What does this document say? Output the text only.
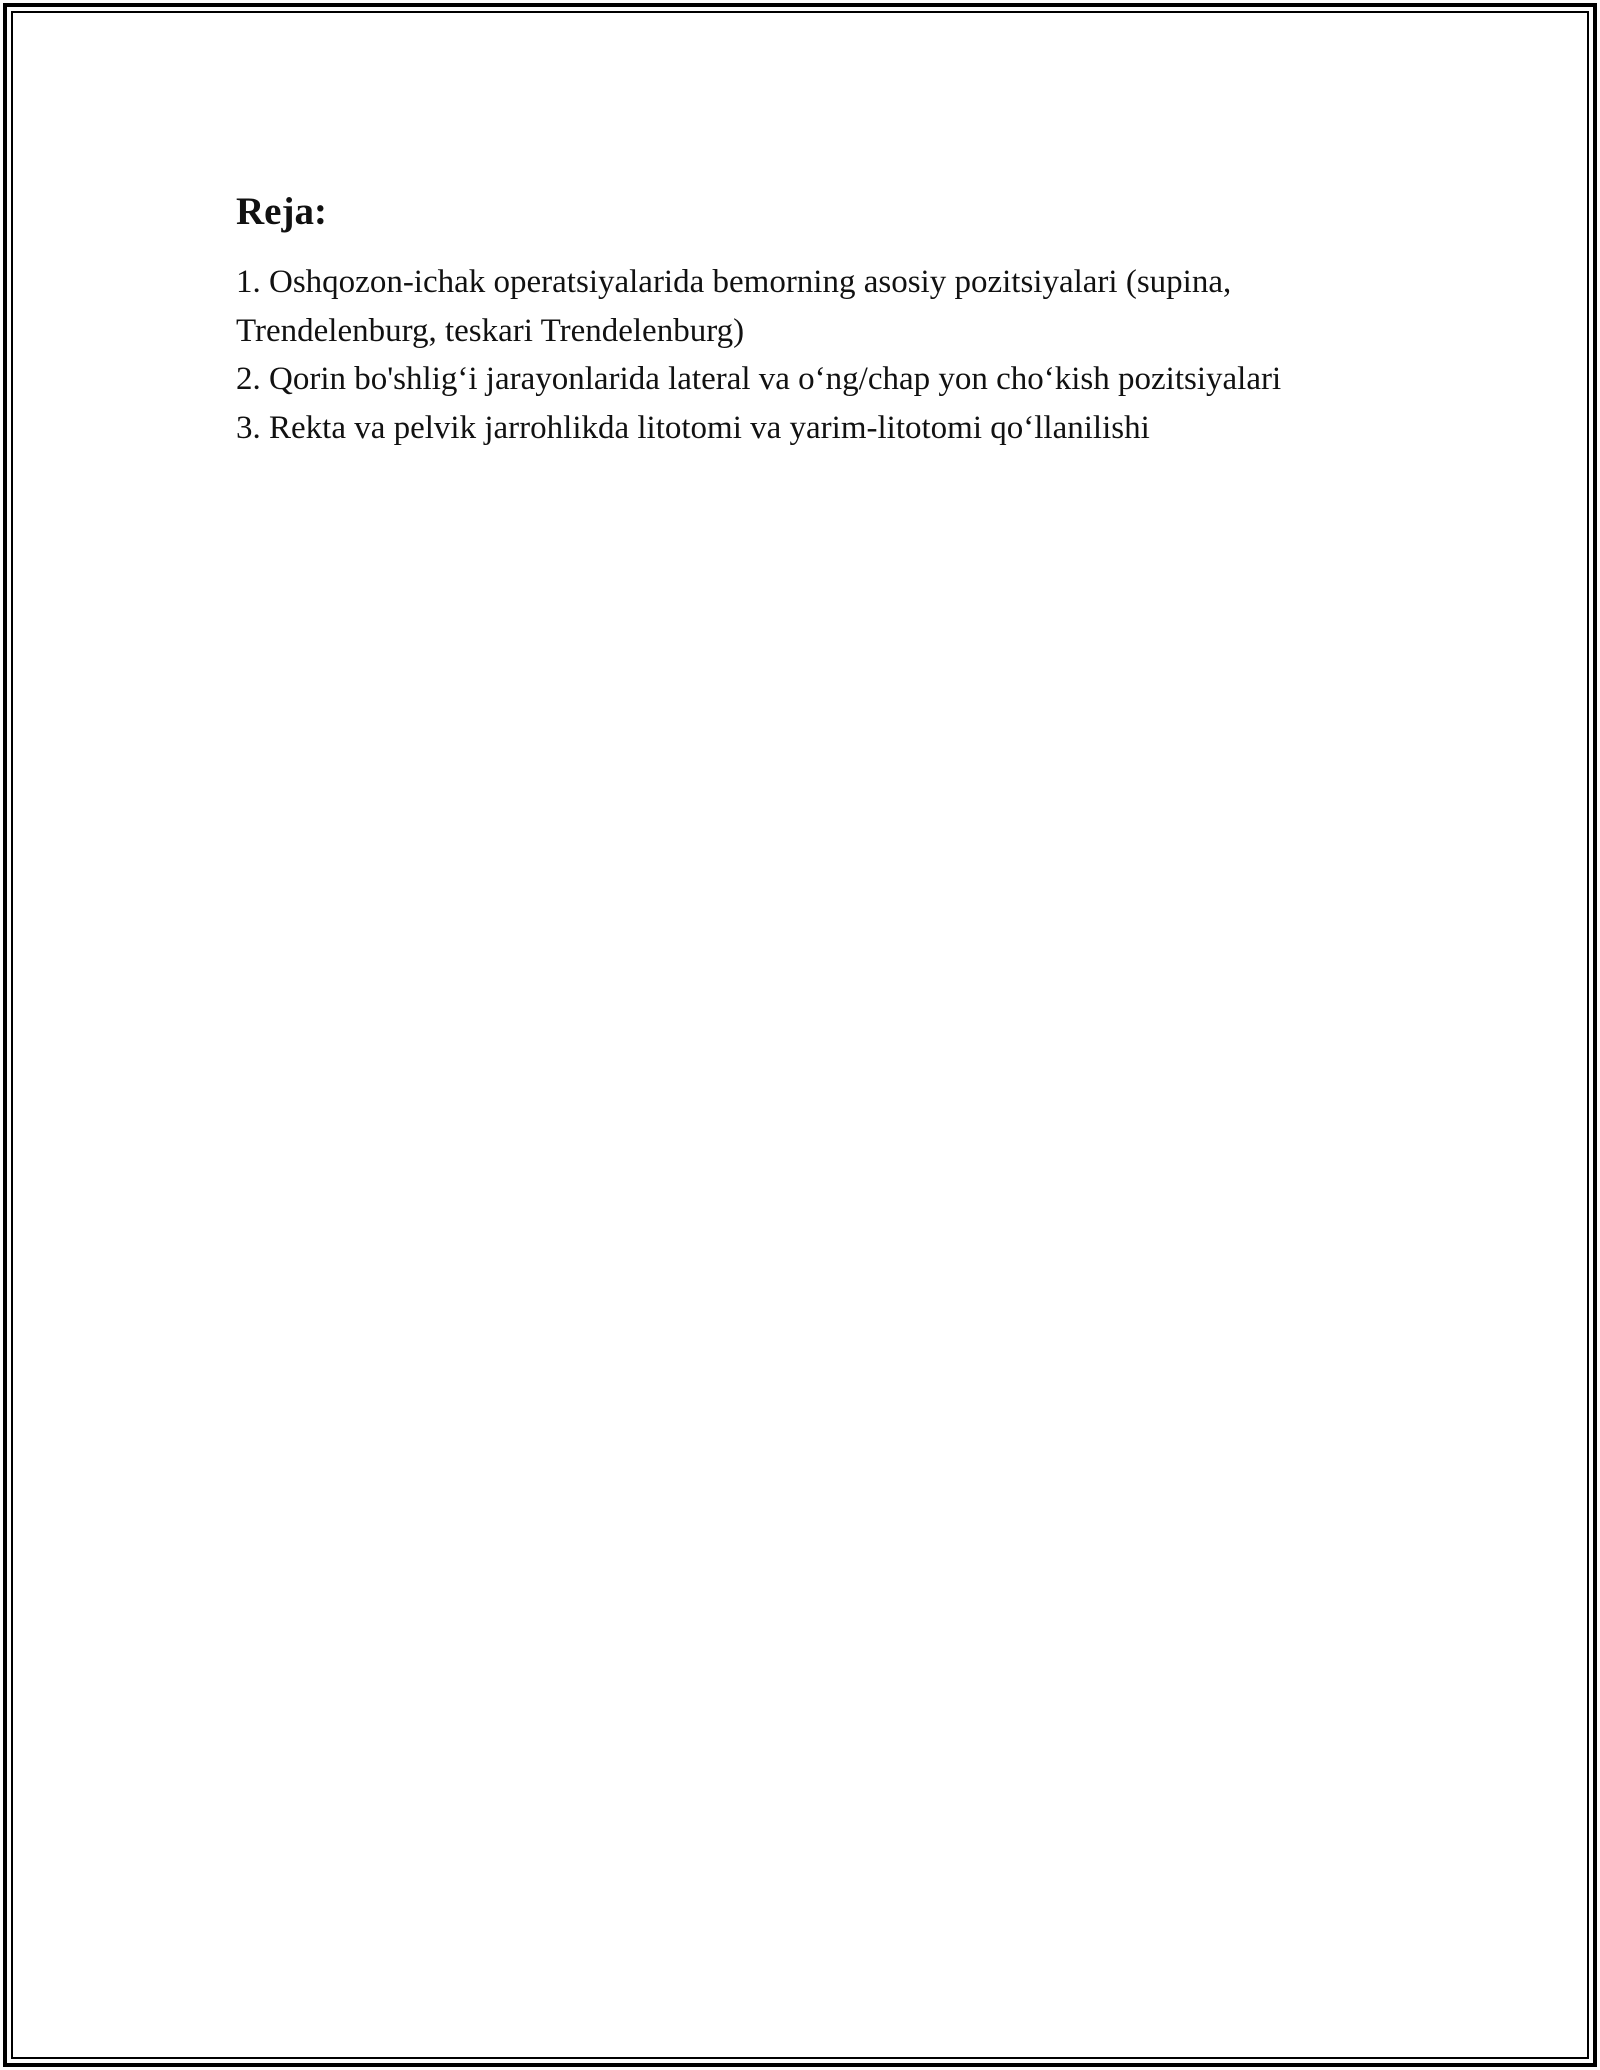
Reja:
1. Oshqozon-ichak operatsiyalarida bemorning asosiy pozitsiyalari (supina, Trendelenburg, teskari Trendelenburg)
2. Qorin bo'shlig‘i jarayonlarida lateral va o‘ng/chap yon cho‘kish pozitsiyalari
3. Rekta va pelvik jarrohlikda litotomi va yarim-litotomi qo‘llanilishi
